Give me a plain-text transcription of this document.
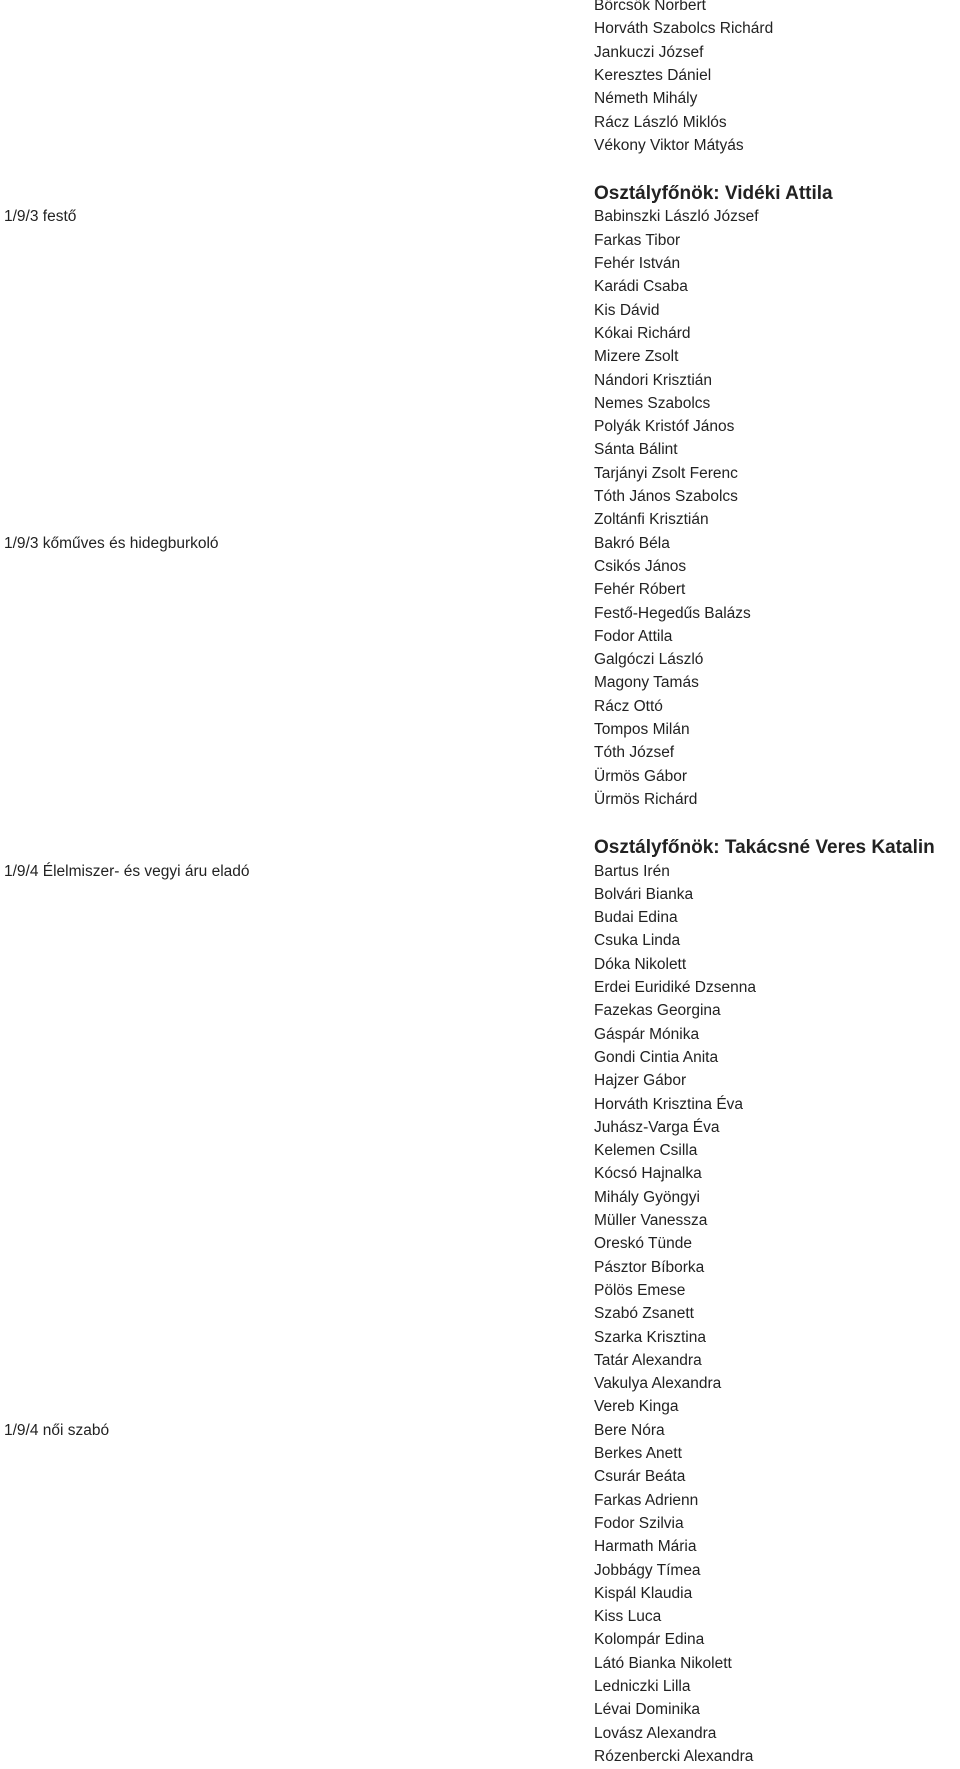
Börcsök Norbert
Horváth Szabolcs Richárd
Jankuczi József
Keresztes Dániel
Németh Mihály
Rácz László Miklós
Vékony Viktor Mátyás
Osztályfőnök: Vidéki Attila
1/9/3 festő	Babinszki László József
Farkas Tibor
Fehér István
Karádi Csaba
Kis Dávid
Kókai Richárd
Mizere Zsolt
Nándori Krisztián
Nemes Szabolcs
Polyák Kristóf János
Sánta Bálint
Tarjányi Zsolt Ferenc
Tóth János Szabolcs
Zoltánfi Krisztián
1/9/3 kőműves és hidegburkoló	Bakró Béla
Csikós János
Fehér Róbert
Festő-Hegedűs Balázs
Fodor Attila
Galgóczi László
Magony Tamás
Rácz Ottó
Tompos Milán
Tóth József
Ürmös Gábor
Ürmös Richárd
Osztályfőnök: Takácsné Veres Katalin
1/9/4 Élelmiszer- és vegyi áru eladó	Bartus Irén
Bolvári Bianka
Budai Edina
Csuka Linda
Dóka Nikolett
Erdei Euridiké Dzsenna
Fazekas Georgina
Gáspár Mónika
Gondi Cintia Anita
Hajzer Gábor
Horváth Krisztina Éva
Juhász-Varga Éva
Kelemen Csilla
Kócsó Hajnalka
Mihály Gyöngyi
Müller Vanessza
Oreskó Tünde
Pásztor Bíborka
Pölös Emese
Szabó Zsanett
Szarka Krisztina
Tatár Alexandra
Vakulya Alexandra
Vereb Kinga
1/9/4 női szabó	Bere Nóra
Berkes Anett
Csurár Beáta
Farkas Adrienn
Fodor Szilvia
Harmath Mária
Jobbágy Tímea
Kispál Klaudia
Kiss Luca
Kolompár Edina
Látó Bianka Nikolett
Ledniczki Lilla
Lévai Dominika
Lovász Alexandra
Rózenbercki Alexandra
